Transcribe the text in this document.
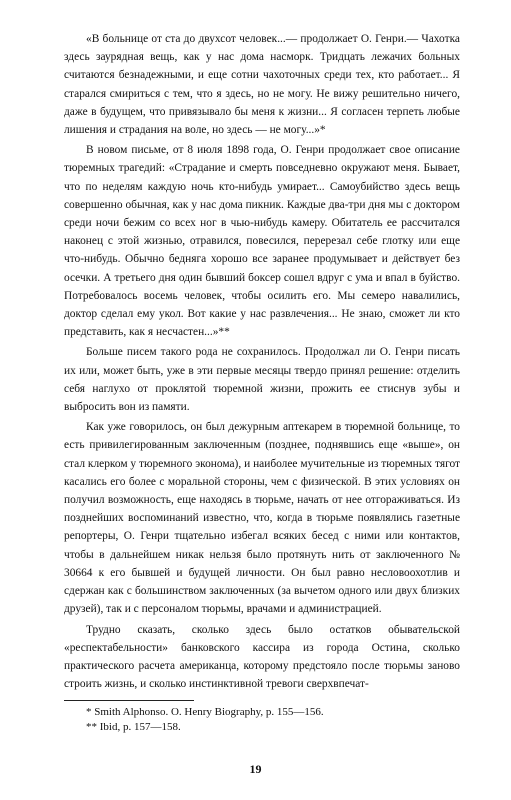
«В больнице от ста до двухсот человек...— продолжает О. Генри.— Чахотка здесь заурядная вещь, как у нас дома насморк. Тридцать лежачих больных считаются безнадежными, и еще сотни чахоточных среди тех, кто работает... Я старался смириться с тем, что я здесь, но не могу. Не вижу решительно ничего, даже в будущем, что привязывало бы меня к жизни... Я согласен терпеть любые лишения и страдания на воле, но здесь — не могу...»*

В новом письме, от 8 июля 1898 года, О. Генри продолжает свое описание тюремных трагедий: «Страдание и смерть повседневно окружают меня. Бывает, что по неделям каждую ночь кто-нибудь умирает... Самоубийство здесь вещь совершенно обычная, как у нас дома пикник. Каждые два-три дня мы с доктором среди ночи бежим со всех ног в чью-нибудь камеру. Обитатель ее рассчитался наконец с этой жизнью, отравился, повесился, перерезал себе глотку или еще что-нибудь. Обычно бедняга хорошо все заранее продумывает и действует без осечки. А третьего дня один бывший боксер сошел вдруг с ума и впал в буйство. Потребовалось восемь человек, чтобы осилить его. Мы семеро навалились, доктор сделал ему укол. Вот какие у нас развлечения... Не знаю, сможет ли кто представить, как я несчастен...»**

Больше писем такого рода не сохранилось. Продолжал ли О. Генри писать их или, может быть, уже в эти первые месяцы твердо принял решение: отделить себя наглухо от проклятой тюремной жизни, прожить ее стиснув зубы и выбросить вон из памяти.

Как уже говорилось, он был дежурным аптекарем в тюремной больнице, то есть привилегированным заключенным (позднее, поднявшись еще «выше», он стал клерком у тюремного эконома), и наиболее мучительные из тюремных тягот касались его более с моральной стороны, чем с физической. В этих условиях он получил возможность, еще находясь в тюрьме, начать от нее отгораживаться. Из позднейших воспоминаний известно, что, когда в тюрьме появлялись газетные репортеры, О. Генри тщательно избегал всяких бесед с ними или контактов, чтобы в дальнейшем никак нельзя было протянуть нить от заключенного № 30664 к его бывшей и будущей личности. Он был равно несловоохотлив и сдержан как с большинством заключенных (за вычетом одного или двух близких друзей), так и с персоналом тюрьмы, врачами и администрацией.

Трудно сказать, сколько здесь было остатков обывательской «респектабельности» банковского кассира из города Остина, сколько практического расчета американца, которому предстояло после тюрьмы заново строить жизнь, и сколько инстинктивной тревоги сверхвпечат-

* Smith Alphonso. O. Henry Biography, p. 155—156.

** Ibid, p. 157—158.

19
